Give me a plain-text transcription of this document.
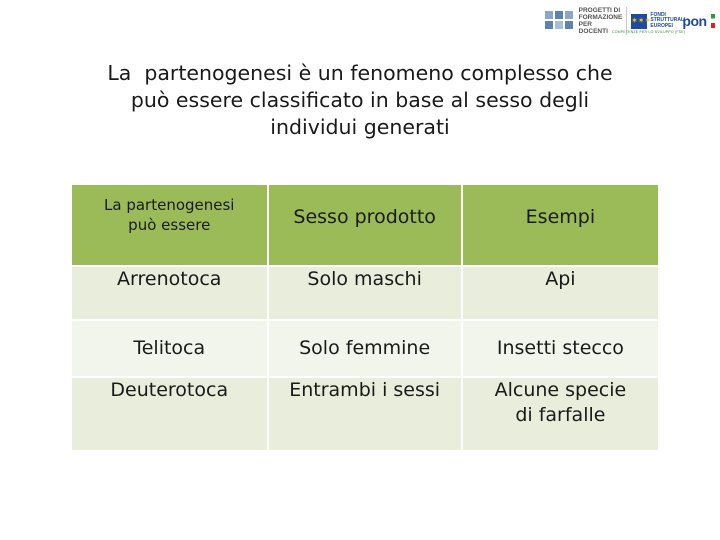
PROGETTI DI
FORMAZIONE
PER DOCENTI
✶✶✶
FONDI
STRUTTURALI
EUROPEI pon
COMPETENZE PER LO SVILUPPO (FSE)
La  partenogenesi è un fenomeno complesso che
può essere classificato in base al sesso degli
individui generati
La partenogenesi
può essere	Sesso prodotto	Esempi
Arrenotoca	Solo maschi	Api
Telitoca	Solo femmine	Insetti stecco
Deuterotoca	Entrambi i sessi	Alcune specie
di farfalle
